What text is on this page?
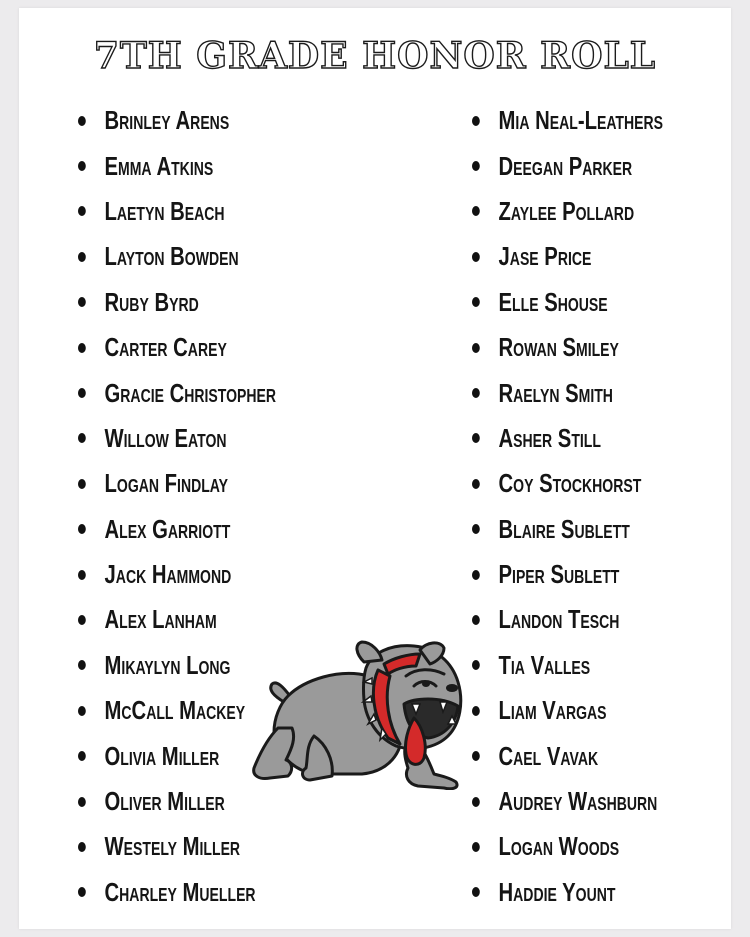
7TH GRADE HONOR ROLL
Brinley Arens
Emma Atkins
Laetyn Beach
Layton Bowden
Ruby Byrd
Carter Carey
Gracie Christopher
Willow Eaton
Logan Findlay
Alex Garriott
Jack Hammond
Alex Lanham
Mikaylyn Long
McCall Mackey
Olivia Miller
Oliver Miller
Westely Miller
Charley Mueller
Mia Neal-Leathers
Deegan Parker
Zaylee Pollard
Jase Price
Elle Shouse
Rowan Smiley
Raelyn Smith
Asher Still
Coy Stockhorst
Blaire Sublett
Piper Sublett
Landon Tesch
Tia Valles
Liam Vargas
Cael Vavak
Audrey Washburn
Logan Woods
Haddie Yount
